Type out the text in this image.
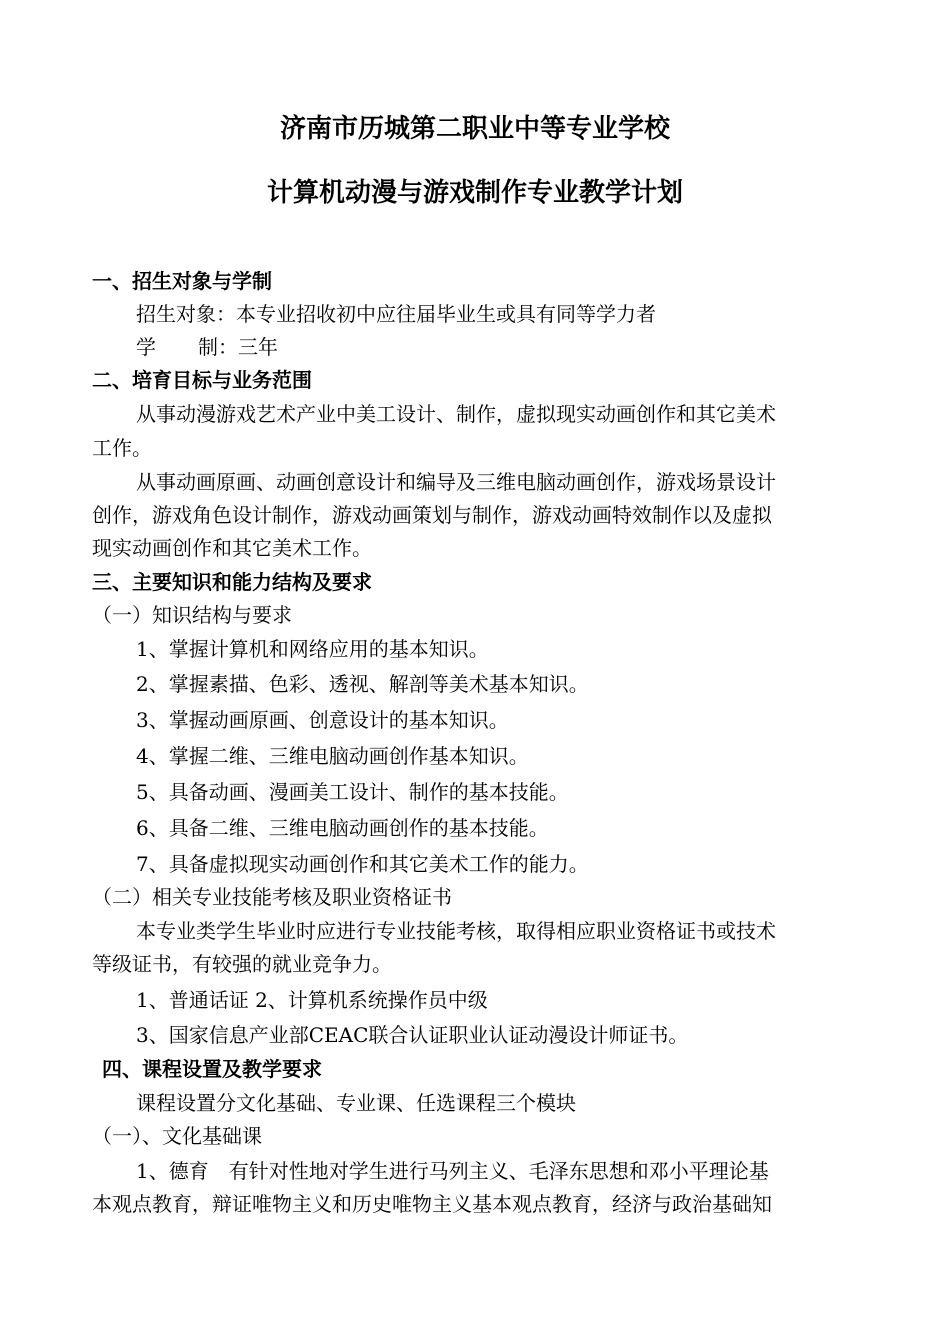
济南市历城第二职业中等专业学校
计算机动漫与游戏制作专业教学计划

一、招生对象与学制

招生对象：本专业招收初中应往届毕业生或具有同等学力者

学 制：三年

二、培育目标与业务范围

从事动漫游戏艺术产业中美工设计、制作，虚拟现实动画创作和其它美术

工作。

从事动画原画、动画创意设计和编导及三维电脑动画创作，游戏场景设计

创作，游戏角色设计制作，游戏动画策划与制作，游戏动画特效制作以及虚拟

现实动画创作和其它美术工作。

三、主要知识和能力结构及要求

（一）知识结构与要求

1、掌握计算机和网络应用的基本知识。

2、掌握素描、色彩、透视、解剖等美术基本知识。

3、掌握动画原画、创意设计的基本知识。

4、掌握二维、三维电脑动画创作基本知识。

5、具备动画、漫画美工设计、制作的基本技能。

6、具备二维、三维电脑动画创作的基本技能。

7、具备虚拟现实动画创作和其它美术工作的能力。

（二）相关专业技能考核及职业资格证书

本专业类学生毕业时应进行专业技能考核，取得相应职业资格证书或技术

等级证书，有较强的就业竞争力。

1、普通话证 2、计算机系统操作员中级

3、国家信息产业部CEAC联合认证职业认证动漫设计师证书。

四、课程设置及教学要求

课程设置分文化基础、专业课、任选课程三个模块

（一）、文化基础课

1、德育　有针对性地对学生进行马列主义、毛泽东思想和邓小平理论基

本观点教育，辩证唯物主义和历史唯物主义基本观点教育，经济与政治基础知
